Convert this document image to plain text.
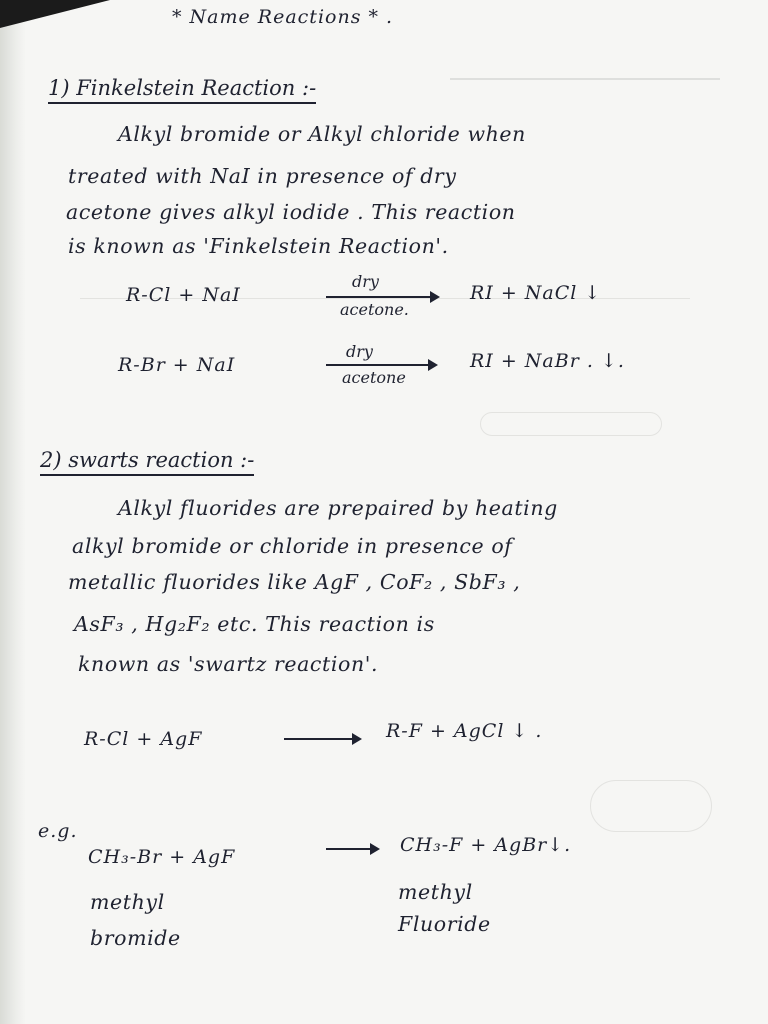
* Name Reactions * .
1) Finkelstein Reaction :-
Alkyl bromide or Alkyl chloride when
treated with NaI in presence of dry
acetone gives alkyl iodide . This reaction
is known as 'Finkelstein Reaction'.
R-Cl + NaI
dry
acetone.
RI + NaCl ↓
R-Br + NaI
dry
acetone
RI + NaBr . ↓.
2) swarts reaction :-
Alkyl fluorides are prepaired by heating
alkyl bromide or chloride in presence of
metallic fluorides like AgF , CoF₂ , SbF₃ ,
AsF₃ , Hg₂F₂ etc. This reaction is
known as 'swartz reaction'.
R-Cl + AgF	R-F + AgCl ↓ .
e.g.
CH₃-Br + AgF	→ CH₃-F + AgBr↓.
methyl
bromide
methyl
Fluoride
